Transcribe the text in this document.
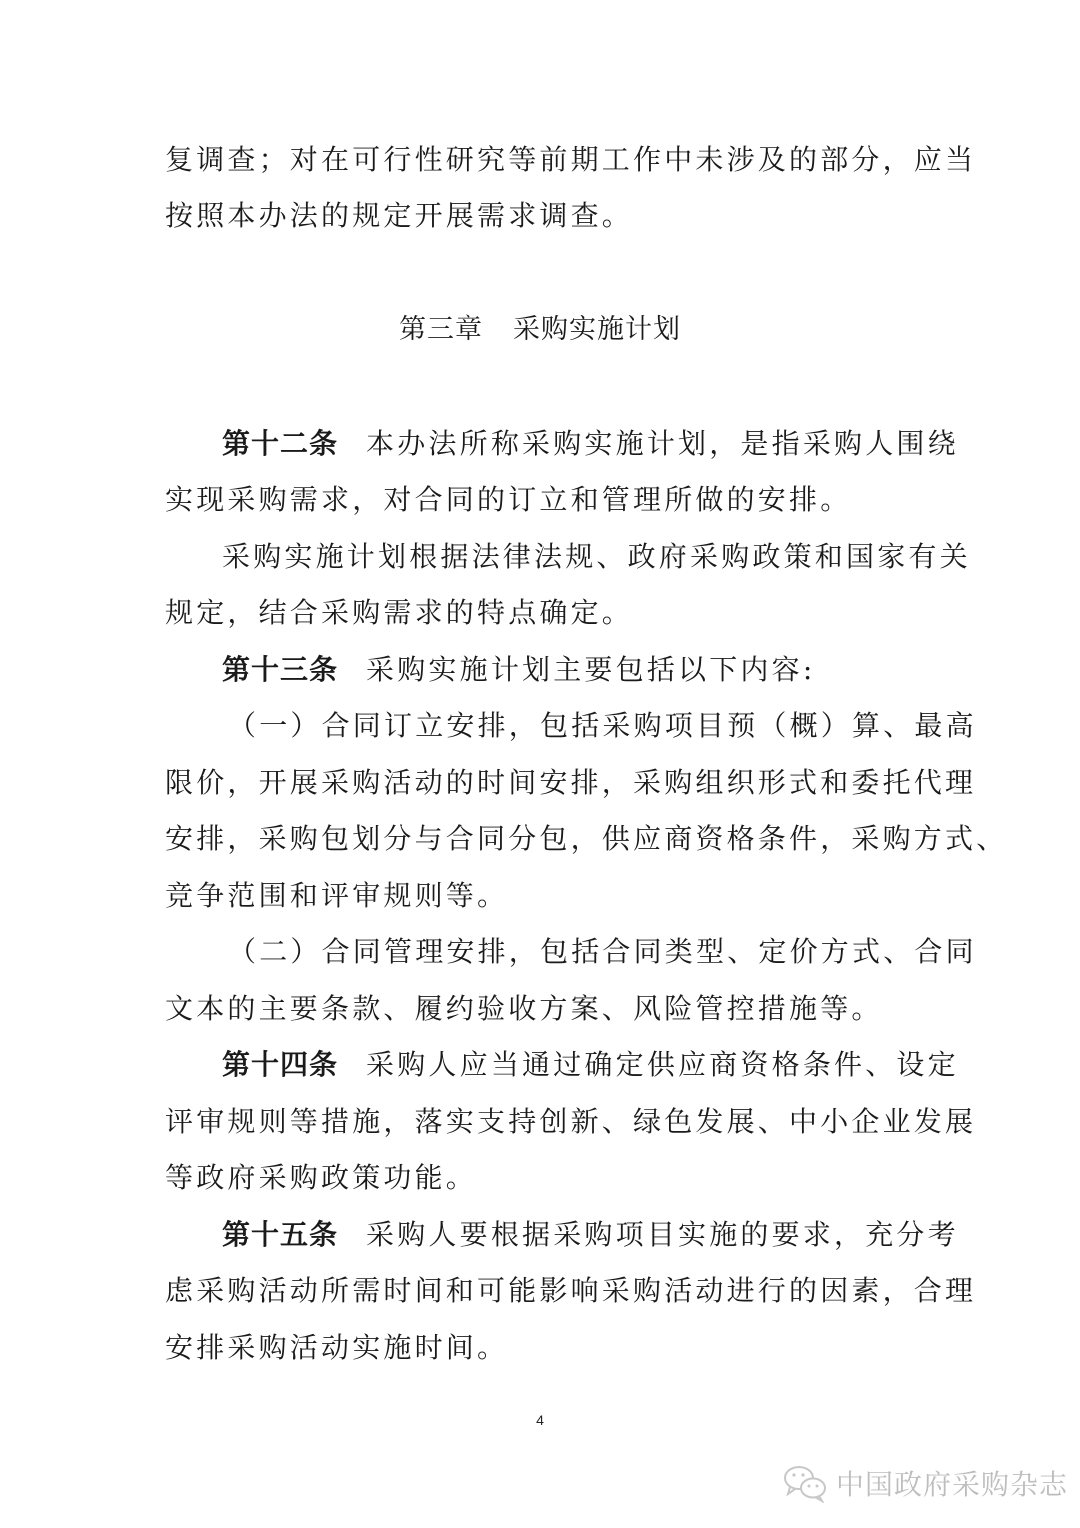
复调查；对在可行性研究等前期工作中未涉及的部分，应当
按照本办法的规定开展需求调查。
第三章 采购实施计划
第十二条 本办法所称采购实施计划，是指采购人围绕
实现采购需求，对合同的订立和管理所做的安排。
采购实施计划根据法律法规、政府采购政策和国家有关
规定，结合采购需求的特点确定。
第十三条 采购实施计划主要包括以下内容:
（一）合同订立安排，包括采购项目预（概）算、最高
限价，开展采购活动的时间安排，采购组织形式和委托代理
安排，采购包划分与合同分包，供应商资格条件，采购方式、
竞争范围和评审规则等。
（二）合同管理安排，包括合同类型、定价方式、合同
文本的主要条款、履约验收方案、风险管控措施等。
第十四条 采购人应当通过确定供应商资格条件、设定
评审规则等措施，落实支持创新、绿色发展、中小企业发展
等政府采购政策功能。
第十五条 采购人要根据采购项目实施的要求，充分考
虑采购活动所需时间和可能影响采购活动进行的因素，合理
安排采购活动实施时间。
4
中国政府采购杂志
